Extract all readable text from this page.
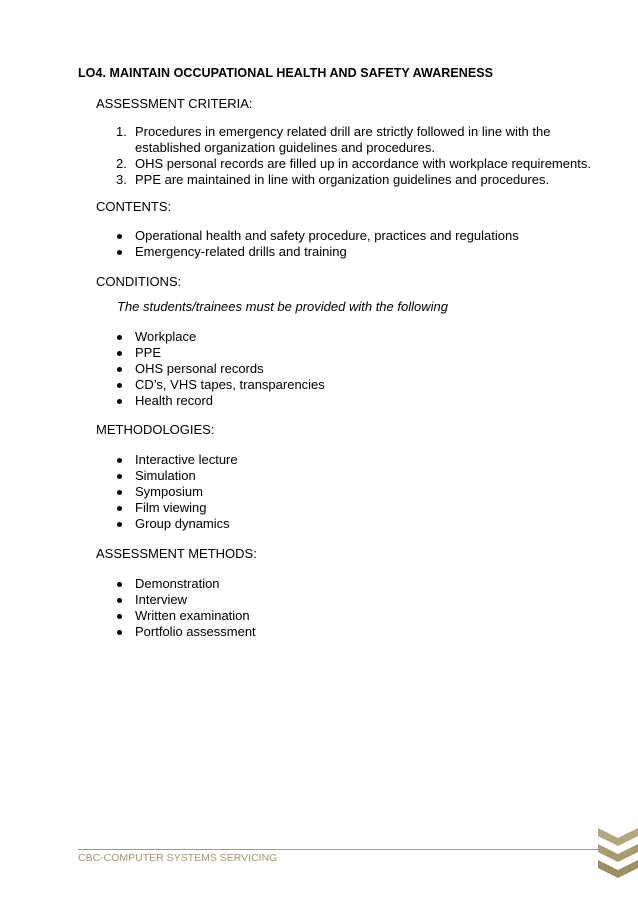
LO4. MAINTAIN OCCUPATIONAL HEALTH AND SAFETY AWARENESS
ASSESSMENT CRITERIA:
1. Procedures in emergency related drill are strictly followed in line with the established organization guidelines and procedures.
2. OHS personal records are filled up in accordance with workplace requirements.
3. PPE are maintained in line with organization guidelines and procedures.
CONTENTS:
Operational health and safety procedure, practices and regulations
Emergency-related drills and training
CONDITIONS:
The students/trainees must be provided with the following
Workplace
PPE
OHS personal records
CD’s, VHS tapes, transparencies
Health record
METHODOLOGIES:
Interactive lecture
Simulation
Symposium
Film viewing
Group dynamics
ASSESSMENT METHODS:
Demonstration
Interview
Written examination
Portfolio assessment
CBC-COMPUTER SYSTEMS SERVICING
